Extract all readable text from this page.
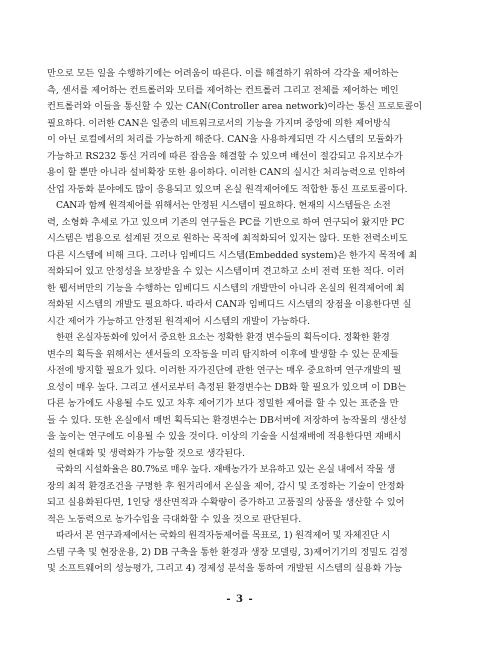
만으로 모든 일을 수행하기에는 어려움이 따른다. 이를 해결하기 위하여 각각을 제어하는
측, 센서를 제어하는 컨트롤러와 모터를 제어하는 컨트롤러 그리고 전체를 제어하는 메인
컨트롤러와 이들을 통신할 수 있는 CAN(Controller area network)이라는 통신 프로토콜이
필요하다. 이러한 CAN은 일종의 네트워크로서의 기능을 가지며 중앙에 의한 제어방식
이 아닌 로컬에서의 처리를 가능하게 해준다. CAN을 사용하게되면 각 시스템의 모듈화가
가능하고 RS232 통신 거리에 따른 잡음을 해결할 수 있으며 배선이 절감되고 유지보수가
용이 할 뿐만 아니라 설비확장 또한 용이하다. 이러한 CAN의 실시간 처리능력으로 인하여
산업 자동화 분야에도 많이 응용되고 있으며 온실 원격제어에도 적합한 통신 프로토콜이다.
CAN과 함께 원격제어를 위해서는 안정된 시스템이 필요하다. 현재의 시스템들은 소전
력, 소형화 추세로 가고 있으며 기존의 연구들은 PC를 기반으로 하여 연구되어 왔지만 PC
시스템은 범용으로 설계된 것으로 원하는 목적에 최적화되어 있지는 않다. 또한 전력소비도
다른 시스템에 비해 크다. 그러나 임베디드 시스템(Embedded system)은 한가지 목적에 최
적화되어 있고 안정성을 보장받을 수 있는 시스템이며 견고하고 소비 전력 또한 적다. 이러
한 웹서버만의 기능을 수행하는 임베디드 시스템의 개발만이 아니라 온실의 원격제어에 최
적화된 시스템의 개발도 필요하다. 따라서 CAN과 임베디드 시스템의 장점을 이용한다면 실
시간 제어가 가능하고 안정된 원격제어 시스템의 개발이 가능하다.
한편 온실자동화에 있어서 중요한 요소는 정확한 환경 변수들의 획득이다. 정확한 환경
변수의 획득을 위해서는 센서들의 오작동을 미리 탐지하여 이후에 발생할 수 있는 문제들
사전에 방지할 필요가 있다. 이러한 자가진단에 관한 연구는 매우 중요하며 연구개발의 필
요성이 매우 높다. 그리고 센서로부터 측정된 환경변수는 DB화 할 필요가 있으며 이 DB는
다른 농가에도 사용될 수도 있고 차후 제어기가 보다 정밀한 제어를 할 수 있는 표준을 만
들 수 있다. 또한 온실에서 매번 획득되는 환경변수는 DB서버에 저장하여 농작물의 생산성
을 높이는 연구에도 이용될 수 있을 것이다. 이상의 기술을 시설재배에 적용한다면 재배시
설의 현대화 및 생력화가 가능할 것으로 생각된다.
국화의 시설화율은 80.7%로 매우 높다. 재배농가가 보유하고 있는 온실 내에서 작물 생
장의 최적 환경조건을 구명한 후 원거리에서 온실을 제어, 감시 및 조정하는 기술이 안정화
되고 실용화된다면, 1인당 생산면적과 수확량이 증가하고 고품질의 상품을 생산할 수 있어
적은 노동력으로 농가수입을 극대화할 수 있을 것으로 판단된다.
따라서 본 연구과제에서는 국화의 원격자동제어를 목표로, 1) 원격제어 및 자체진단 시
스템 구축 및 현장운용, 2) DB 구축을 통한 환경과 생장 모델링, 3)제어기기의 정밀도 검정
및 소프트웨어의 성능평가, 그리고 4) 경제성 분석을 통하여 개발된 시스템의 실용화 가능
- 3 -
